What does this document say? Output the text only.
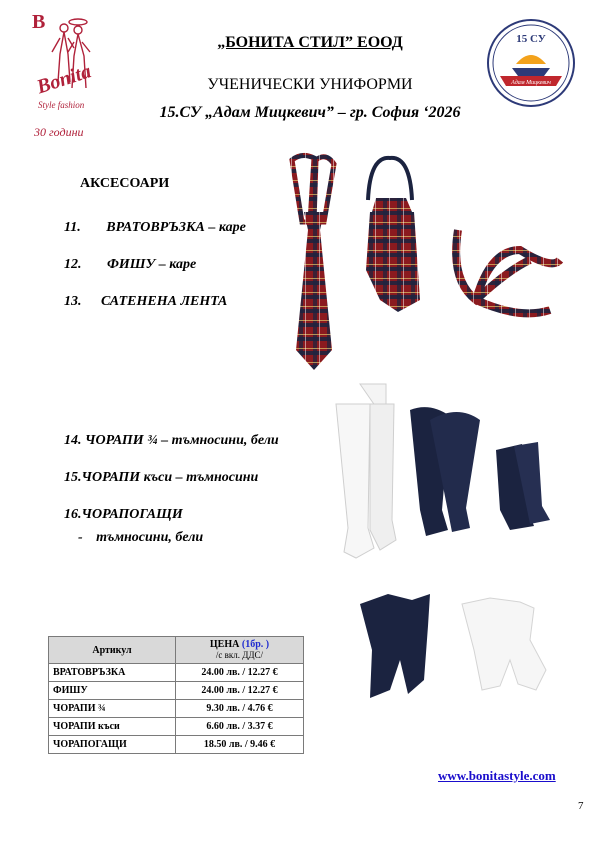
B
Bonita
Style fashion
30 години
15 СУ
Адам Мицкевич
„БОНИТА СТИЛ” ЕООД
УЧЕНИЧЕСКИ УНИФОРМИ
15.СУ „Адам Мицкевич” – гр. София ‘2026
АКСЕСОАРИ
11. ВРАТОВРЪЗКА – каре
12. ФИШУ – каре
13. САТЕНЕНА ЛЕНТА
14. ЧОРАПИ ¾ – тъмносини, бели
15.ЧОРАПИ къси – тъмносини
16.ЧОРАПОГАЩИ
- тъмносини, бели
Артикул	ЦЕНА (1бр. )
/с вкл. ДДС/
ВРАТОВРЪЗКА	24.00 лв. / 12.27 €
ФИШУ	24.00 лв. / 12.27 €
ЧОРАПИ ¾	9.30 лв. / 4.76 €
ЧОРАПИ къси	6.60 лв. / 3.37 €
ЧОРАПОГАЩИ	18.50 лв. / 9.46 €
www.bonitastyle.com
7
